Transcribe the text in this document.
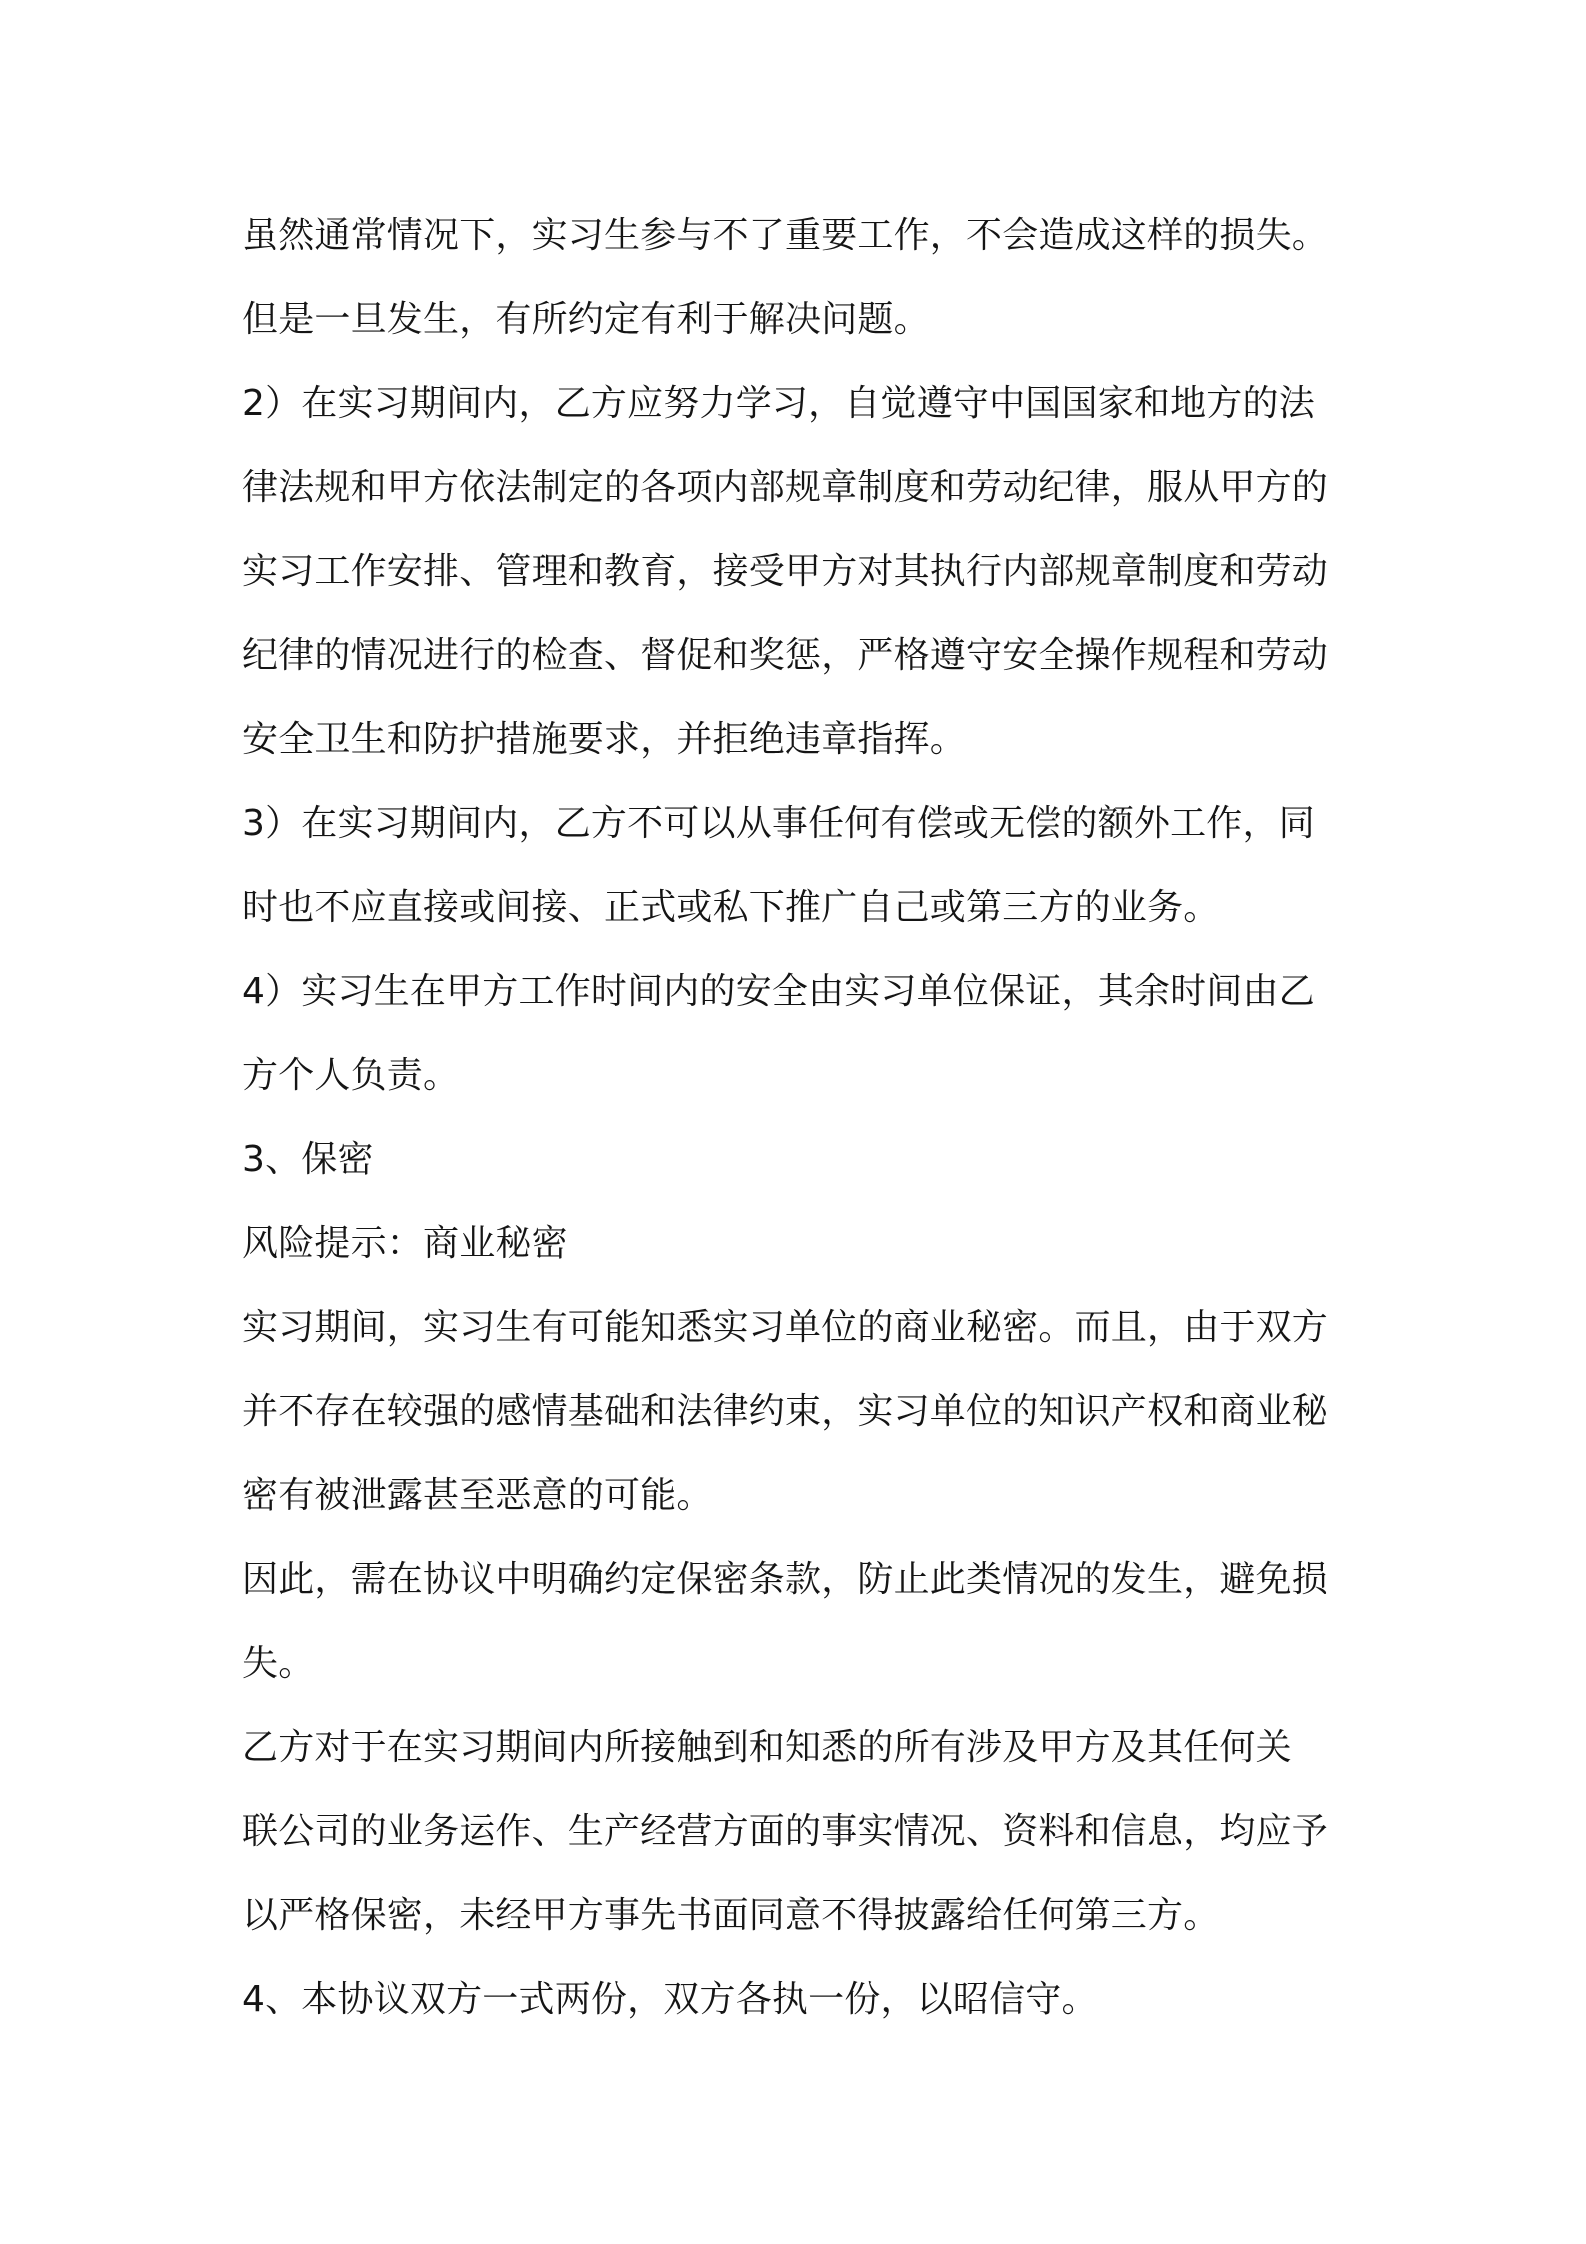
虽然通常情况下，实习生参与不了重要工作，不会造成这样的损失。
但是一旦发生，有所约定有利于解决问题。
2）在实习期间内，乙方应努力学习，自觉遵守中国国家和地方的法
律法规和甲方依法制定的各项内部规章制度和劳动纪律，服从甲方的
实习工作安排、管理和教育，接受甲方对其执行内部规章制度和劳动
纪律的情况进行的检查、督促和奖惩，严格遵守安全操作规程和劳动
安全卫生和防护措施要求，并拒绝违章指挥。
3）在实习期间内，乙方不可以从事任何有偿或无偿的额外工作，同
时也不应直接或间接、正式或私下推广自己或第三方的业务。
4）实习生在甲方工作时间内的安全由实习单位保证，其余时间由乙
方个人负责。
3、保密
风险提示：商业秘密
实习期间，实习生有可能知悉实习单位的商业秘密。而且，由于双方
并不存在较强的感情基础和法律约束，实习单位的知识产权和商业秘
密有被泄露甚至恶意的可能。
因此，需在协议中明确约定保密条款，防止此类情况的发生，避免损
失。
乙方对于在实习期间内所接触到和知悉的所有涉及甲方及其任何关
联公司的业务运作、生产经营方面的事实情况、资料和信息，均应予
以严格保密，未经甲方事先书面同意不得披露给任何第三方。
4、本协议双方一式两份，双方各执一份，以昭信守。
